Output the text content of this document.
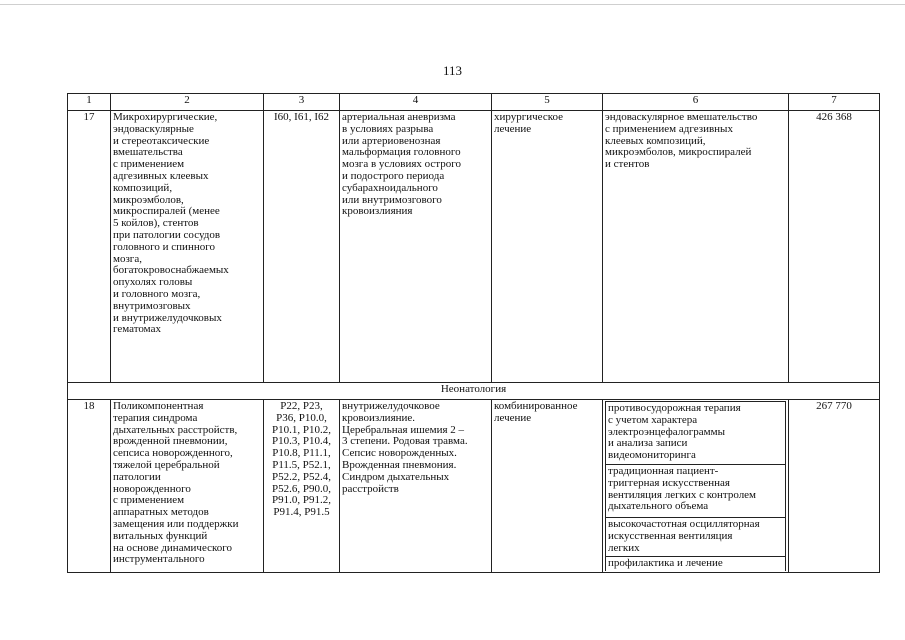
113
1	2	3	4	5	6	7
17	Микрохирургические,
эндоваскулярные
и стереотаксические
вмешательства
с применением
адгезивных клеевых
композиций,
микроэмболов,
микроспиралей (менее
5 койлов), стентов
при патологии сосудов
головного и спинного
мозга,
богатокровоснабжаемых
опухолях головы
и головного мозга,
внутримозговых
и внутрижелудочковых
гематомах	I60, I61, I62	артериальная аневризма
в условиях разрыва
или артериовенозная
мальформация головного
мозга в условиях острого
и подострого периода
субарахноидального
или внутримозгового
кровоизлияния	хирургическое
лечение	эндоваскулярное вмешательство
с применением адгезивных
клеевых композиций,
микроэмболов, микроспиралей
и стентов	426 368
Неонатология
18	Поликомпонентная
терапия синдрома
дыхательных расстройств,
врожденной пневмонии,
сепсиса новорожденного,
тяжелой церебральной
патологии
новорожденного
с применением
аппаратных методов
замещения или поддержки
витальных функций
на основе динамического
инструментального	P22, P23,
P36, P10.0,
P10.1, P10.2,
P10.3, P10.4,
P10.8, P11.1,
P11.5, P52.1,
P52.2, P52.4,
P52.6, P90.0,
P91.0, P91.2,
P91.4, P91.5	внутрижелудочковое
кровоизлияние.
Церебральная ишемия 2 –
3 степени. Родовая травма.
Сепсис новорожденных.
Врожденная пневмония.
Синдром дыхательных
расстройств	комбинированное
лечение	
противосудорожная терапия
с учетом характера
электроэнцефалограммы
и анализа записи
видеомониторинга
традиционная пациент-
триггерная искусственная
вентиляция легких с контролем
дыхательного объема
высокочастотная осцилляторная
искусственная вентиляция
легких
профилактика и лечение
	267 770
